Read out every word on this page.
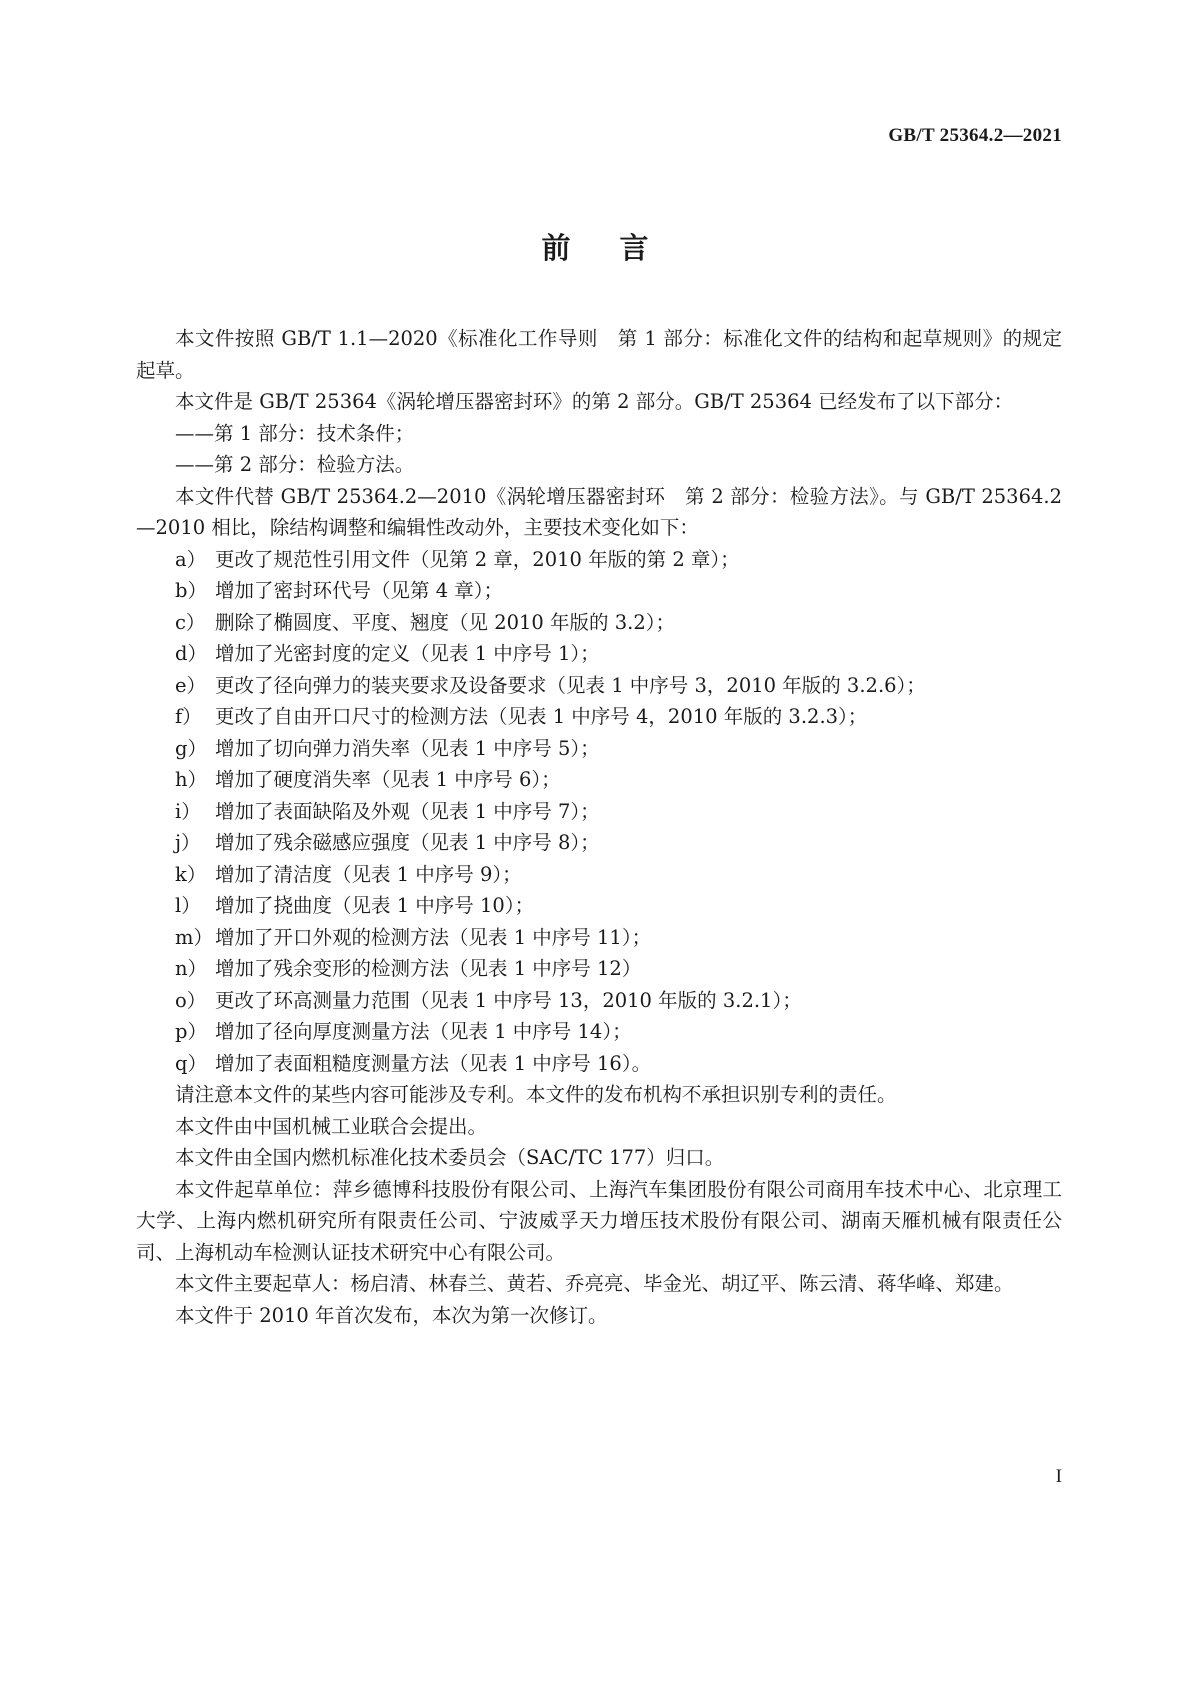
GB/T 25364.2—2021
前 言

本文件按照 GB/T 1.1—2020《标准化工作导则　第 1 部分：标准化文件的结构和起草规则》的规定起草。

本文件是 GB/T 25364《涡轮增压器密封环》的第 2 部分。GB/T 25364 已经发布了以下部分：

——第 1 部分：技术条件；

——第 2 部分：检验方法。

本文件代替 GB/T 25364.2—2010《涡轮增压器密封环　第 2 部分：检验方法》。与 GB/T 25364.2—2010 相比，除结构调整和编辑性改动外，主要技术变化如下：

a） 更改了规范性引用文件（见第 2 章，2010 年版的第 2 章）；
b） 增加了密封环代号（见第 4 章）；
c） 删除了椭圆度、平度、翘度（见 2010 年版的 3.2）；
d） 增加了光密封度的定义（见表 1 中序号 1）；
e） 更改了径向弹力的装夹要求及设备要求（见表 1 中序号 3，2010 年版的 3.2.6）；
f） 更改了自由开口尺寸的检测方法（见表 1 中序号 4，2010 年版的 3.2.3）；
g） 增加了切向弹力消失率（见表 1 中序号 5）；
h） 增加了硬度消失率（见表 1 中序号 6）；
i） 增加了表面缺陷及外观（见表 1 中序号 7）；
j） 增加了残余磁感应强度（见表 1 中序号 8）；
k） 增加了清洁度（见表 1 中序号 9）；
l） 增加了挠曲度（见表 1 中序号 10）；
m） 增加了开口外观的检测方法（见表 1 中序号 11）；
n） 增加了残余变形的检测方法（见表 1 中序号 12）
o） 更改了环高测量力范围（见表 1 中序号 13，2010 年版的 3.2.1）；
p） 增加了径向厚度测量方法（见表 1 中序号 14）；
q） 增加了表面粗糙度测量方法（见表 1 中序号 16）。

请注意本文件的某些内容可能涉及专利。本文件的发布机构不承担识别专利的责任。

本文件由中国机械工业联合会提出。

本文件由全国内燃机标准化技术委员会（SAC/TC 177）归口。

本文件起草单位：萍乡德博科技股份有限公司、上海汽车集团股份有限公司商用车技术中心、北京理工大学、上海内燃机研究所有限责任公司、宁波威孚天力增压技术股份有限公司、湖南天雁机械有限责任公司、上海机动车检测认证技术研究中心有限公司。

本文件主要起草人：杨启清、林春兰、黄若、乔亮亮、毕金光、胡辽平、陈云清、蒋华峰、郑建。

本文件于 2010 年首次发布，本次为第一次修订。

I
